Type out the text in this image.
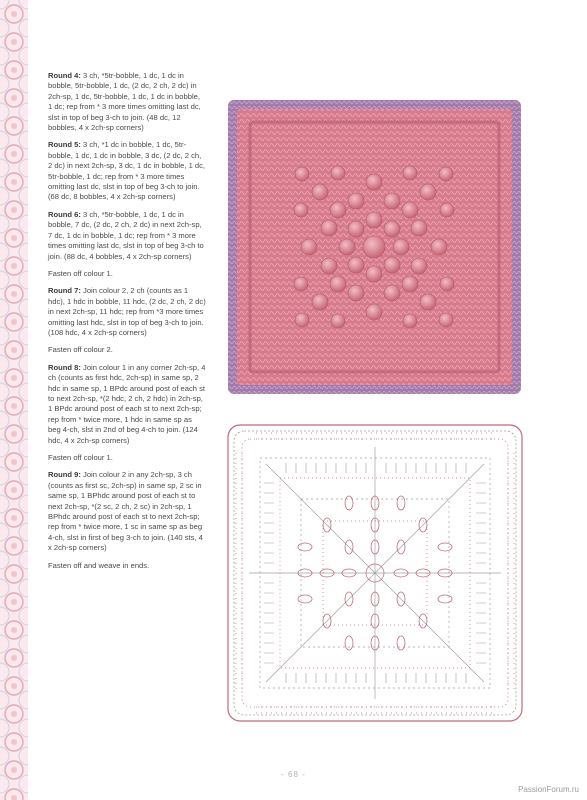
Round 4: 3 ch, *5tr-bobble, 1 dc, 1 dc in bobble, 5tr-bobble, 1 dc, (2 dc, 2 ch, 2 dc) in 2ch-sp, 1 dc, 5tr-bobble, 1 dc, 1 dc in bobble, 1 dc; rep from * 3 more times omitting last dc, slst in top of beg 3-ch to join. (48 dc, 12 bobbles, 4 x 2ch-sp corners)

Round 5: 3 ch, *1 dc in bobble, 1 dc, 5tr-bobble, 1 dc, 1 dc in bobble, 3 dc, (2 dc, 2 ch, 2 dc) in next 2ch-sp, 3 dc, 1 dc in bobble, 1 dc, 5tr-bobble, 1 dc; rep from * 3 more times omitting last dc, slst in top of beg 3-ch to join. (68 dc, 8 bobbles, 4 x 2ch-sp corners)

Round 6: 3 ch, *5tr-bobble, 1 dc, 1 dc in bobble, 7 dc, (2 dc, 2 ch, 2 dc) in next 2ch-sp, 7 dc, 1 dc in bobble, 1 dc; rep from * 3 more times omitting last dc, slst in top of beg 3-ch to join. (88 dc, 4 bobbles, 4 x 2ch-sp corners)

Fasten off colour 1.

Round 7: Join colour 2, 2 ch (counts as 1 hdc), 1 hdc in bobble, 11 hdc, (2 dc, 2 ch, 2 dc) in next 2ch-sp, 11 hdc; rep from *3 more times omitting last hdc, slst in top of beg 3-ch to join. (108 hdc, 4 x 2ch-sp corners)

Fasten off colour 2.

Round 8: Join colour 1 in any corner 2ch-sp, 4 ch (counts as first hdc, 2ch-sp) in same sp, 2 hdc in same sp, 1 BPdc around post of each st to next 2ch-sp, *(2 hdc, 2 ch, 2 hdc) in 2ch-sp, 1 BPdc around post of each st to next 2ch-sp; rep from * twice more, 1 hdc in same sp as beg 4-ch, slst in 2nd of beg 4-ch to join. (124 hdc, 4 x 2ch-sp corners)

Fasten off colour 1.

Round 9: Join colour 2 in any 2ch-sp, 3 ch (counts as first sc, 2ch-sp) in same sp, 2 sc in same sp, 1 BPhdc around post of each st to next 2ch-sp, *(2 sc, 2 ch, 2 sc) in 2ch-sp, 1 BPhdc around post of each st to next 2ch-sp; rep from * twice more, 1 sc in same sp as beg 4-ch, slst in first of beg 3-ch to join. (140 sts, 4 x 2ch-sp corners)

Fasten off and weave in ends.

- 68 -
PassionForum.ru
